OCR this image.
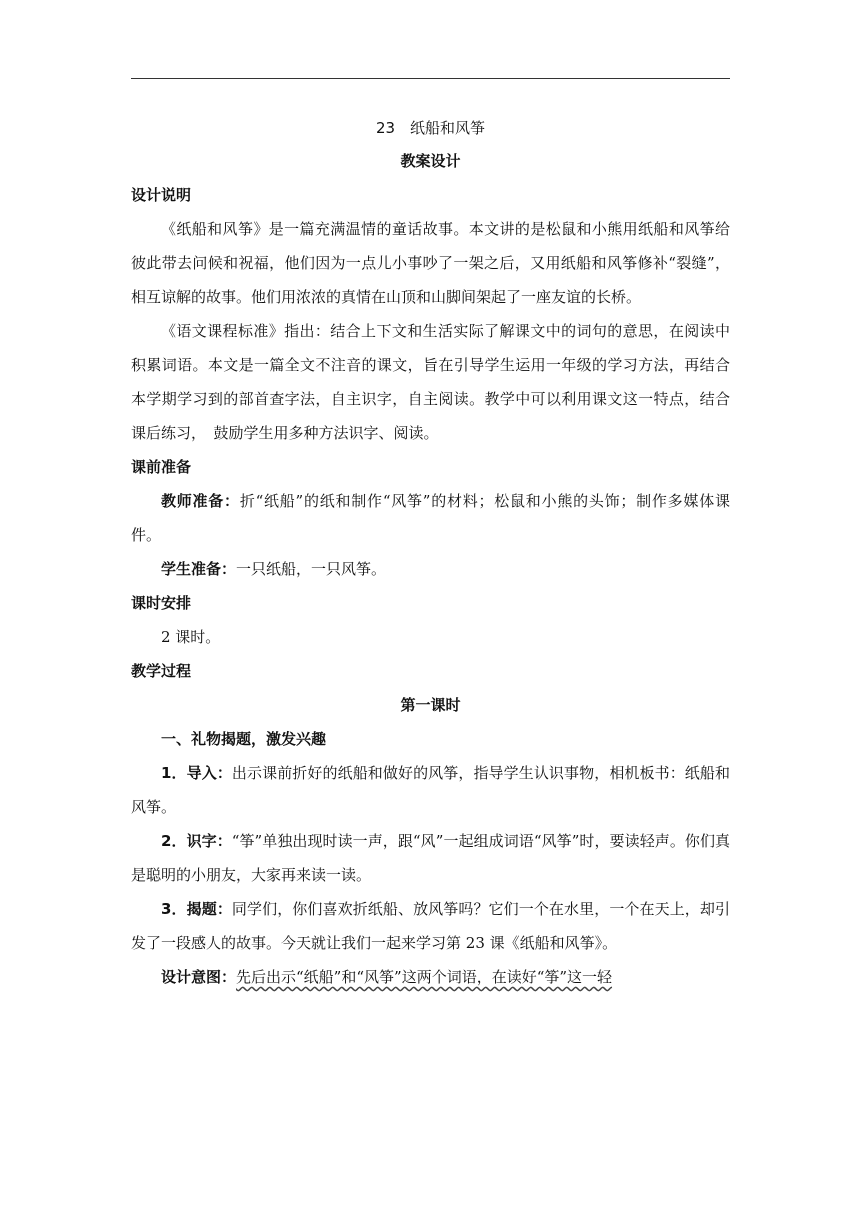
23　纸船和风筝
教案设计
设计说明
《纸船和风筝》是一篇充满温情的童话故事。本文讲的是松鼠和小熊用纸船和风筝给彼此带去问候和祝福，他们因为一点儿小事吵了一架之后，又用纸船和风筝修补“裂缝”，相互谅解的故事。他们用浓浓的真情在山顶和山脚间架起了一座友谊的长桥。
《语文课程标准》指出：结合上下文和生活实际了解课文中的词句的意思，在阅读中积累词语。本文是一篇全文不注音的课文，旨在引导学生运用一年级的学习方法，再结合本学期学习到的部首查字法，自主识字，自主阅读。教学中可以利用课文这一特点，结合课后练习，　鼓励学生用多种方法识字、阅读。
课前准备
教师准备：折“纸船”的纸和制作“风筝”的材料；松鼠和小熊的头饰；制作多媒体课件。
学生准备：一只纸船，一只风筝。
课时安排
2 课时。
教学过程
第一课时
一、礼物揭题，激发兴趣
1．导入：出示课前折好的纸船和做好的风筝，指导学生认识事物，相机板书：纸船和风筝。
2．识字：“筝”单独出现时读一声，跟“风”一起组成词语“风筝”时，要读轻声。你们真是聪明的小朋友，大家再来读一读。
3．揭题：同学们，你们喜欢折纸船、放风筝吗？它们一个在水里，一个在天上，却引发了一段感人的故事。今天就让我们一起来学习第 23 课《纸船和风筝》。
设计意图：先后出示“纸船”和“风筝”这两个词语，在读好“筝”这一轻
